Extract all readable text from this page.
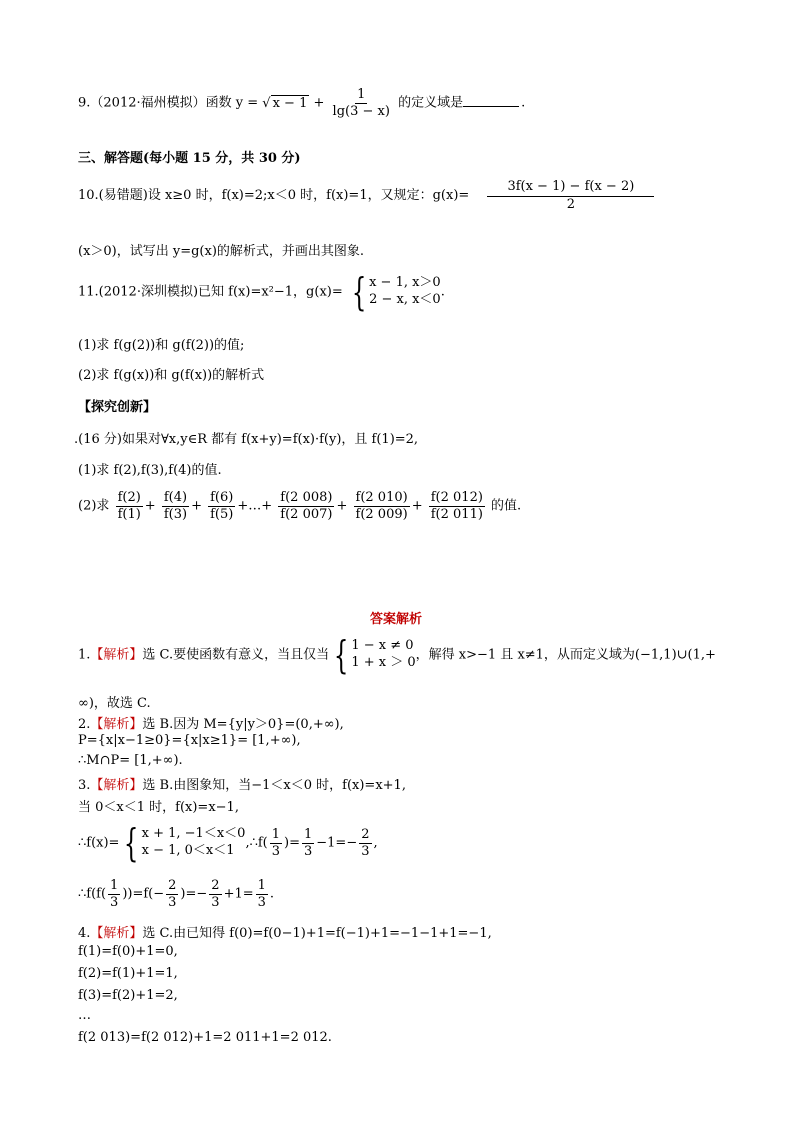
9.（2012·福州模拟）函数 y = √ $x - 1 + \frac{1}{\lg(3 - x)}$ 的定义域是	.
三、解答题(每小题 15 分，共 30 分)
10.(易错题)设 x≥0 时，f(x)=2;x＜0 时，f(x)=1，又规定：$g(x)= \frac{3f(x - 1) - f(x - 2)}{2}$
(x＞0)，试写出 y=g(x)的解析式，并画出其图象.
11.(2012·深圳模拟)已知 f(x)=x²−1，g(x)= { x − 1, x＞0
2 − x, x＜0 .
(1)求 f(g(2))和 g(f(2))的值;
(2)求 f(g(x))和 g(f(x))的解析式
【探究创新】
.(16 分)如果对∀x,y∈R 都有 f(x+y)=f(x)·f(y)，且 f(1)=2,
(1)求 f(2),f(3),f(4)的值.
(2)求 $\frac{f(2)}{f(1)} + \frac{f(4)}{f(3)} + \frac{f(6)}{f(5)}$ +…+ $\frac{f(2 008)}{f(2 007)} + \frac{f(2 010)}{f(2 009)} + \frac{f(2 012)}{f(2 011)}$ 的值.
答案解析
1.【解析】选 C.要使函数有意义，当且仅当 { 1 − x ≠ 0
1 + x ＞ 0 ，解得 x>−1 且 x≠1，从而定义域为(−1,1)∪(1,+
∞)，故选 C.
2.【解析】选 B.因为 M={y|y＞0}=(0,+∞),
P={x|x−1≥0}={x|x≥1}= [1,+∞),
∴M∩P= [1,+∞).
3.【解析】选 B.由图象知，当−1＜x＜0 时，f(x)=x+1,
当 0＜x＜1 时，f(x)=x−1,
∴f(x)= { x + 1, −1＜x＜0
x − 1, 0＜x＜1 ,∴f( $\frac{1}{3}$ )= $\frac{1}{3} -1=- \frac{2}{3}$ ,
∴f(f( $\frac{1}{3} ))=f(- \frac{2}{3}$ )=− $\frac{2}{3} +1= \frac{1}{3}$ .
4.【解析】选 C.由已知得 f(0)=f(0−1)+1=f(−1)+1=−1−1+1=−1,
f(1)=f(0)+1=0,
f(2)=f(1)+1=1,
f(3)=f(2)+1=2,
…
f(2 013)=f(2 012)+1=2 011+1=2 012.
